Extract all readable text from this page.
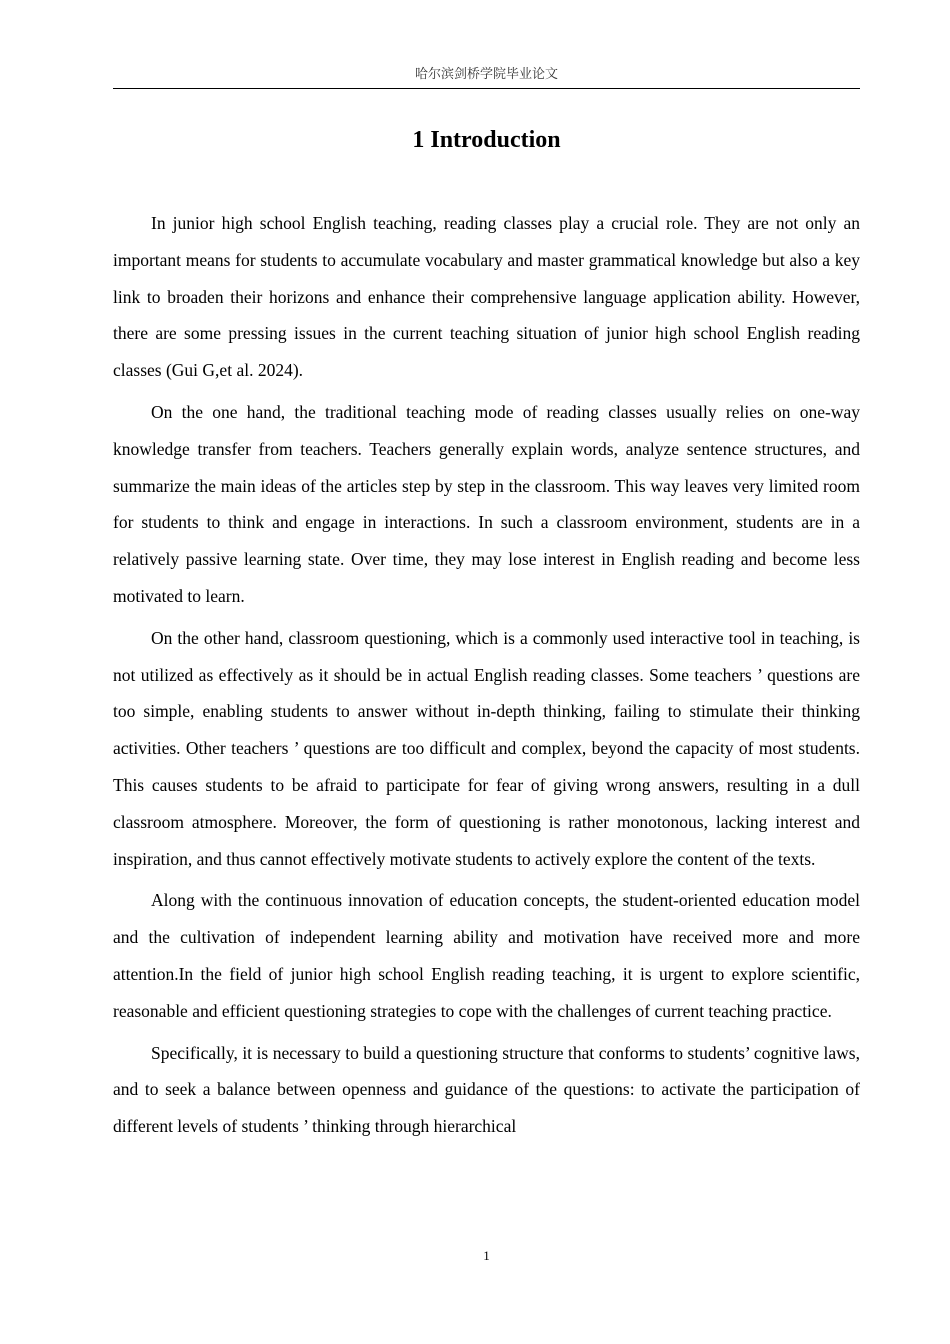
哈尔滨剑桥学院毕业论文
1 Introduction

In junior high school English teaching, reading classes play a crucial role. They are not only an important means for students to accumulate vocabulary and master grammatical knowledge but also a key link to broaden their horizons and enhance their comprehensive language application ability. However, there are some pressing issues in the current teaching situation of junior high school English reading classes (Gui G,et al. 2024).

On the one hand, the traditional teaching mode of reading classes usually relies on one-way knowledge transfer from teachers. Teachers generally explain words, analyze sentence structures, and summarize the main ideas of the articles step by step in the classroom. This way leaves very limited room for students to think and engage in interactions. In such a classroom environment, students are in a relatively passive learning state. Over time, they may lose interest in English reading and become less motivated to learn.

On the other hand, classroom questioning, which is a commonly used interactive tool in teaching, is not utilized as effectively as it should be in actual English reading classes. Some teachers ’ questions are too simple, enabling students to answer without in-depth thinking, failing to stimulate their thinking activities. Other teachers ’ questions are too difficult and complex, beyond the capacity of most students. This causes students to be afraid to participate for fear of giving wrong answers, resulting in a dull classroom atmosphere. Moreover, the form of questioning is rather monotonous, lacking interest and inspiration, and thus cannot effectively motivate students to actively explore the content of the texts.

Along with the continuous innovation of education concepts, the student-oriented education model and the cultivation of independent learning ability and motivation have received more and more attention.In the field of junior high school English reading teaching, it is urgent to explore scientific, reasonable and efficient questioning strategies to cope with the challenges of current teaching practice.

Specifically, it is necessary to build a questioning structure that conforms to students’ cognitive laws, and to seek a balance between openness and guidance of the questions: to activate the participation of different levels of students ’ thinking through hierarchical

1
